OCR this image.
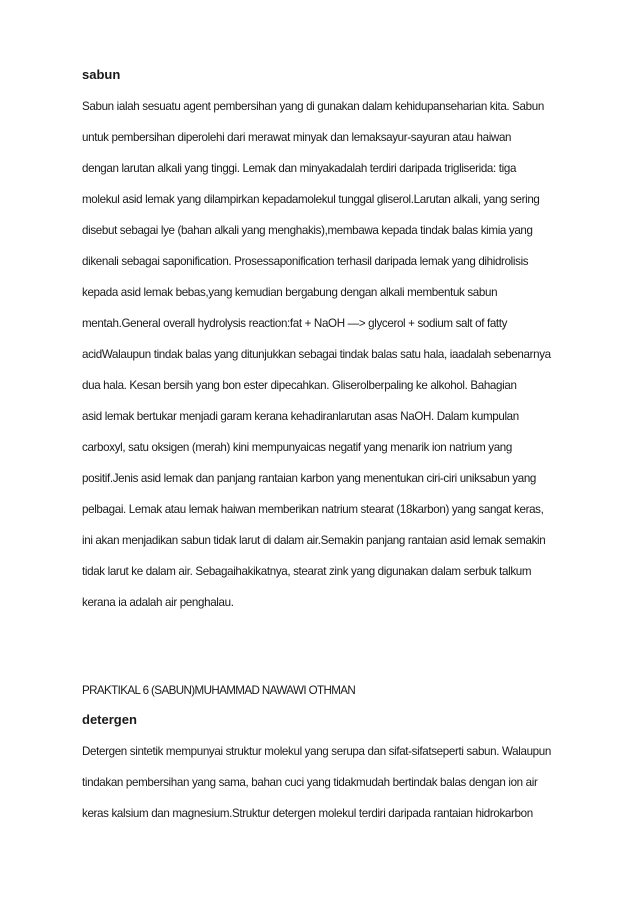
sabun
Sabun ialah sesuatu agent pembersihan yang di gunakan dalam kehidupanseharian kita. Sabun
untuk pembersihan diperolehi dari merawat minyak dan lemaksayur-sayuran atau haiwan
dengan larutan alkali yang tinggi. Lemak dan minyakadalah terdiri daripada trigliserida: tiga
molekul asid lemak yang dilampirkan kepadamolekul tunggal gliserol.Larutan alkali, yang sering
disebut sebagai lye (bahan alkali yang menghakis),membawa kepada tindak balas kimia yang
dikenali sebagai saponification. Prosessaponification terhasil daripada lemak yang dihidrolisis
kepada asid lemak bebas,yang kemudian bergabung dengan alkali membentuk sabun
mentah.General overall hydrolysis reaction:fat + NaOH —> glycerol + sodium salt of fatty
acidWalaupun tindak balas yang ditunjukkan sebagai tindak balas satu hala, iaadalah sebenarnya
dua hala. Kesan bersih yang bon ester dipecahkan. Gliserolberpaling ke alkohol. Bahagian
asid lemak bertukar menjadi garam kerana kehadiranlarutan asas NaOH. Dalam kumpulan
carboxyl, satu oksigen (merah) kini mempunyaicas negatif yang menarik ion natrium yang
positif.Jenis asid lemak dan panjang rantaian karbon yang menentukan ciri-ciri uniksabun yang
pelbagai. Lemak atau lemak haiwan memberikan natrium stearat (18karbon) yang sangat keras,
ini akan menjadikan sabun tidak larut di dalam air.Semakin panjang rantaian asid lemak semakin
tidak larut ke dalam air. Sebagaihakikatnya, stearat zink yang digunakan dalam serbuk talkum
kerana ia adalah air penghalau.
PRAKTIKAL 6 (SABUN)MUHAMMAD NAWAWI OTHMAN
detergen
Detergen sintetik mempunyai struktur molekul yang serupa dan sifat-sifatseperti sabun. Walaupun
tindakan pembersihan yang sama, bahan cuci yang tidakmudah bertindak balas dengan ion air
keras kalsium dan magnesium.Struktur detergen molekul terdiri daripada rantaian hidrokarbon
